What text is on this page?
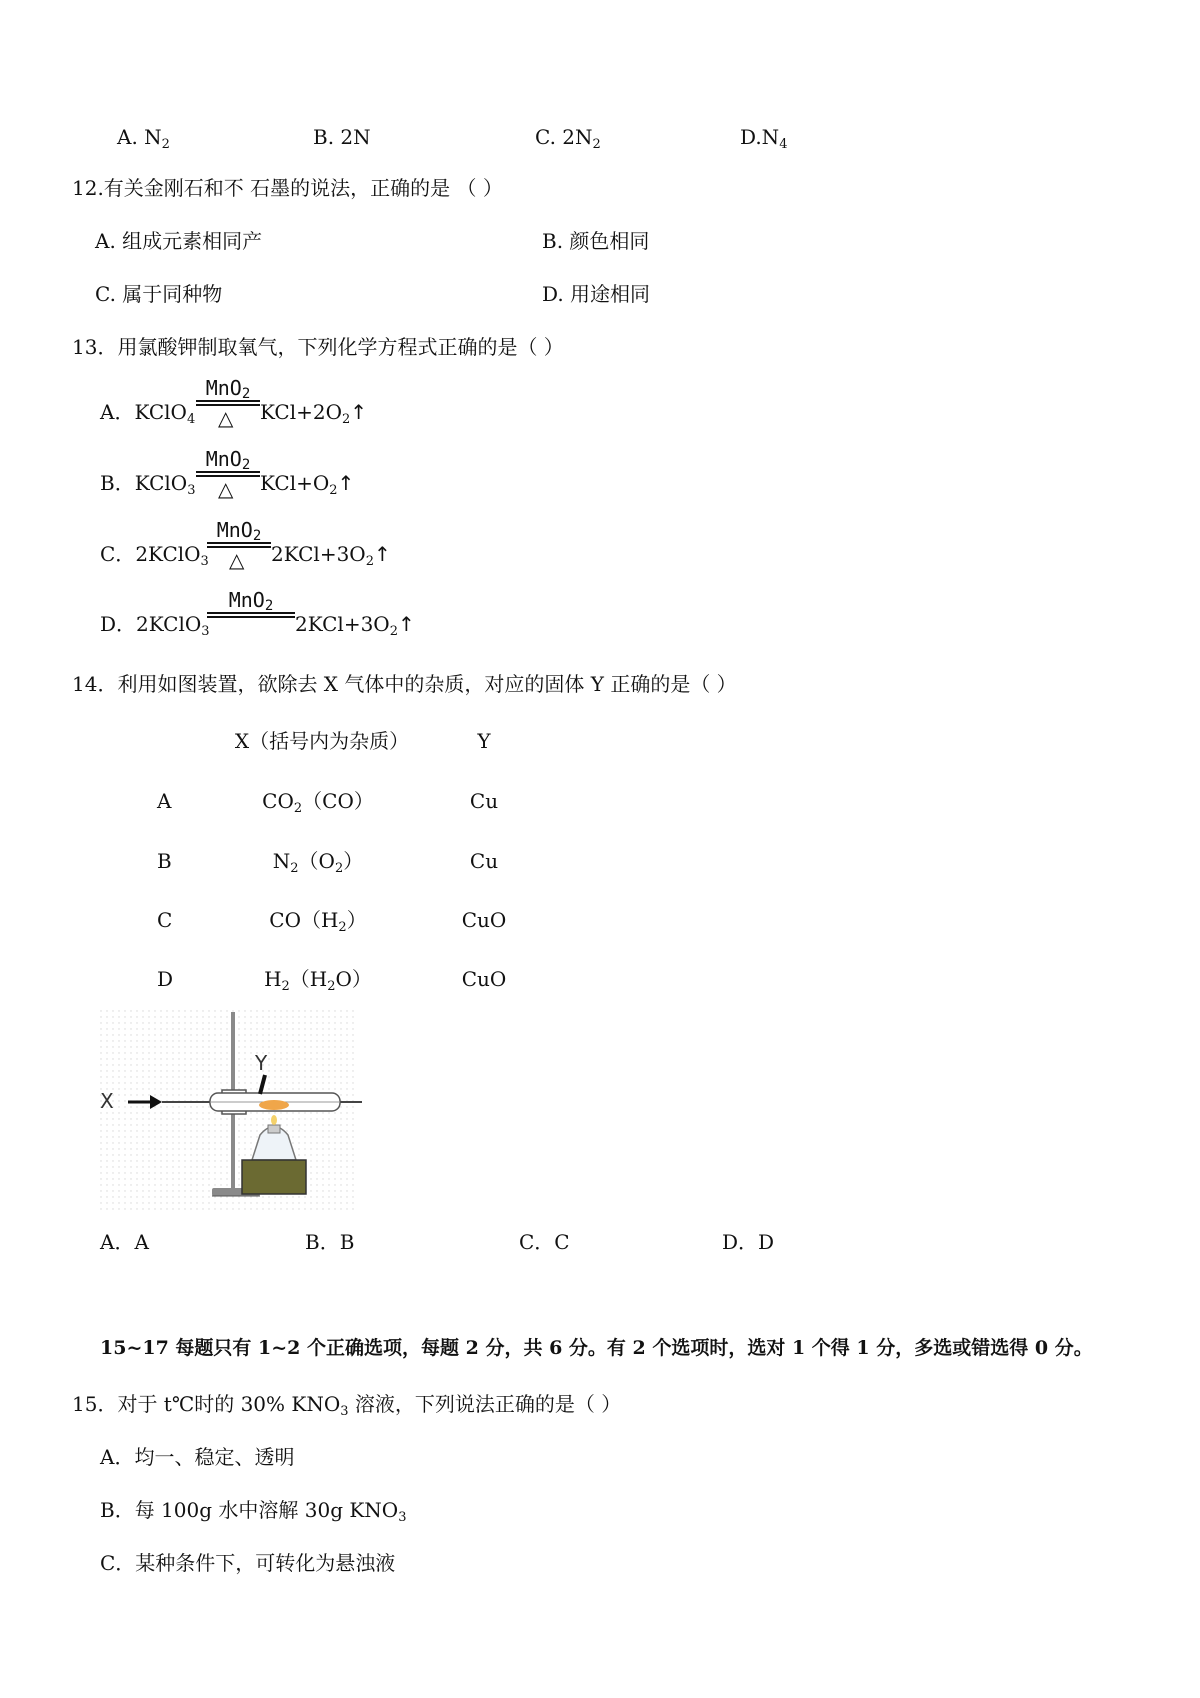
A. $N_2$	B. 2N	C. $2N_2$	$D.N_4$
12.有关金刚石和不 石墨的说法，正确的是 （ ）
A. 组成元素相同产	B. 颜色相同
C. 属于同种物	D. 用途相同
13．用氯酸钾制取氧气，下列化学方程式正确的是（ ）
A．KClO$_4$
MnO$_2$
△ $KCl+2O_2↑$
B．KClO$_3$
MnO$_2$
△ $KCl+O_2↑$
C．2KClO$_3$
MnO$_2$
△ $2KCl+3O_2↑$
D．2KClO$_3$
MnO$_2$
$2KCl+3O_2↑$
14．利用如图装置，欲除去 X 气体中的杂质，对应的固体 Y 正确的是（ ）
X（括号内为杂质）	Y
A	$CO_2(CO)$	Cu
B	$N_2(O_2)$	Cu
C	$CO(H_2)$	CuO
D	$H_2(H_2O)$	CuO
Y
X
A．A	B．B	C．C	D．D
15~17 每题只有 1~2 个正确选项，每题 2 分，共 6 分。有 2 个选项时，选对 1 个得 1 分，多选或错选得 0 分。
15．对于 t℃时的 30% $KNO_3$ 溶液，下列说法正确的是（ ）
A．均一、稳定、透明
B．每 100g 水中溶解 30g $KNO_3$
C．某种条件下，可转化为悬浊液
